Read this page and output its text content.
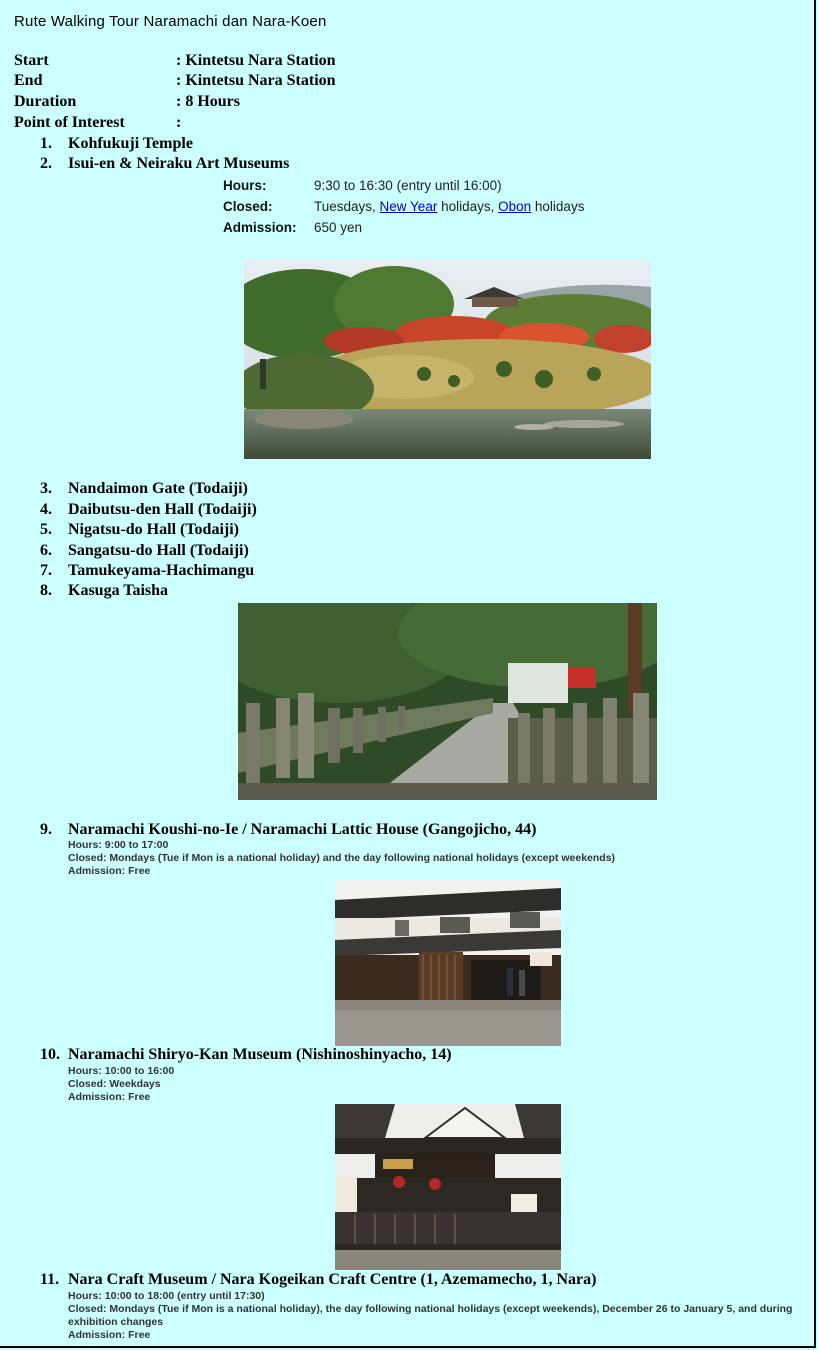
Rute Walking Tour Naramachi dan Nara-Koen
Start	: Kintetsu Nara Station
End	: Kintetsu Nara Station
Duration	: 8 Hours
Point of Interest	:
1. Kohfukuji Temple
2. Isui-en & Neiraku Art Museums
Hours:	9:30 to 16:30 (entry until 16:00)
Closed:	Tuesdays, New Year holidays, Obon holidays
Admission: 650 yen
3. Nandaimon Gate (Todaiji)
4. Daibutsu-den Hall (Todaiji)
5. Nigatsu-do Hall (Todaiji)
6. Sangatsu-do Hall (Todaiji)
7. Tamukeyama-Hachimangu
8. Kasuga Taisha
9. Naramachi Koushi-no-Ie / Naramachi Lattic House (Gangojicho, 44)
Hours: 9:00 to 17:00
Closed: Mondays (Tue if Mon is a national holiday) and the day following national holidays (except weekends)
Admission: Free
10. Naramachi Shiryo-Kan Museum (Nishinoshinyacho, 14)
Hours: 10:00 to 16:00
Closed: Weekdays
Admission: Free
11. Nara Craft Museum / Nara Kogeikan Craft Centre (1, Azemamecho, 1, Nara)
Hours: 10:00 to 18:00 (entry until 17:30)
Closed: Mondays (Tue if Mon is a national holiday), the day following national holidays (except weekends), December 26 to January 5, and during exhibition changes
Admission: Free
